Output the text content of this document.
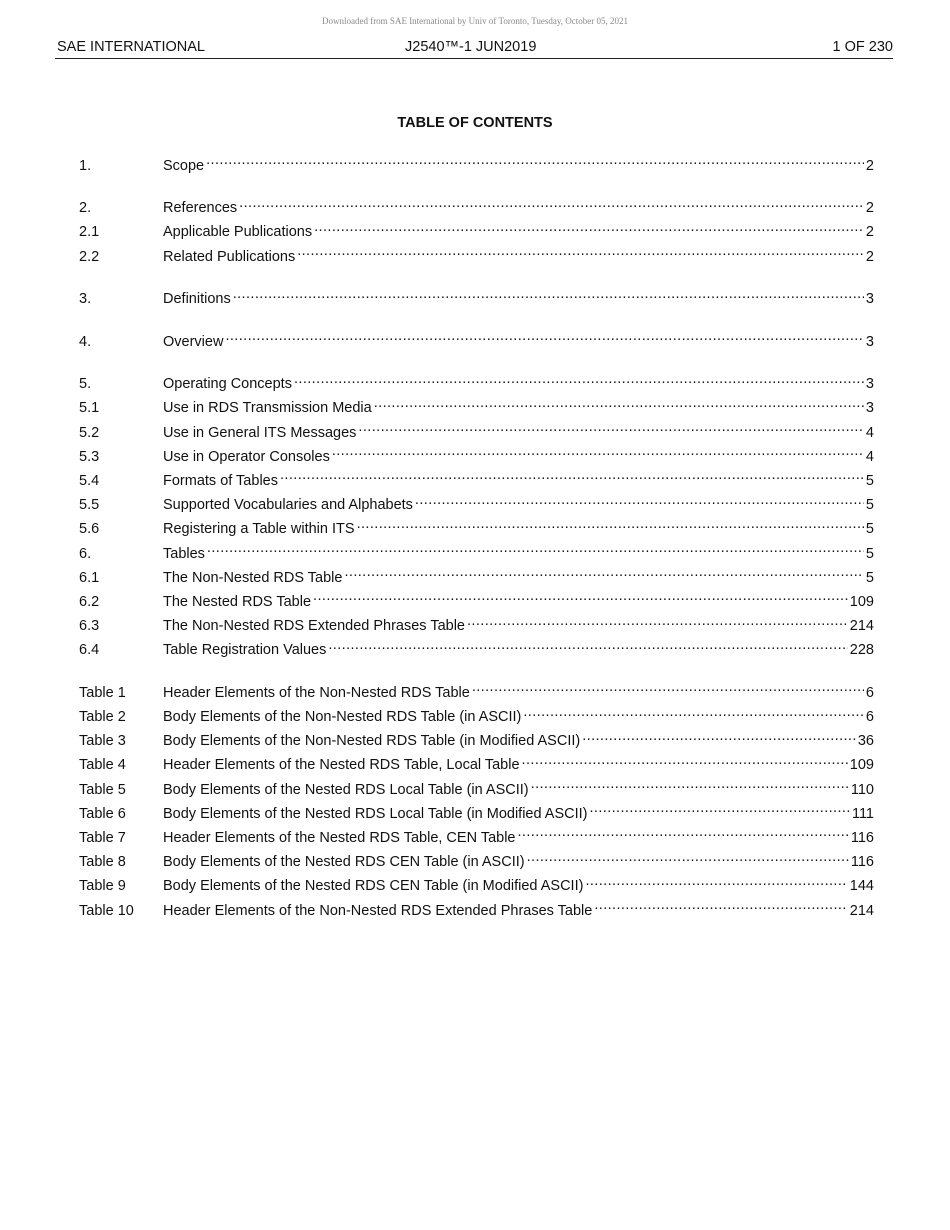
Downloaded from SAE International by Univ of Toronto, Tuesday, October 05, 2021
SAE INTERNATIONAL	J2540™-1 JUN2019	1 OF 230
TABLE OF CONTENTS
1.	Scope .....	2
2.	References .....	2
2.1	Applicable Publications .....	2
2.2	Related Publications .....	2
3.	Definitions .....	3
4.	Overview .....	3
5.	Operating Concepts .....	3
5.1	Use in RDS Transmission Media .....	3
5.2	Use in General ITS Messages .....	4
5.3	Use in Operator Consoles .....	4
5.4	Formats of Tables .....	5
5.5	Supported Vocabularies and Alphabets .....	5
5.6	Registering a Table within ITS .....	5
6.	Tables .....	5
6.1	The Non-Nested RDS Table .....	5
6.2	The Nested RDS Table .....	109
6.3	The Non-Nested RDS Extended Phrases Table .....	214
6.4	Table Registration Values .....	228
Table 1	Header Elements of the Non-Nested RDS Table .....	6
Table 2	Body Elements of the Non-Nested RDS Table (in ASCII) .....	6
Table 3	Body Elements of the Non-Nested RDS Table (in Modified ASCII) .....	36
Table 4	Header Elements of the Nested RDS Table, Local Table .....	109
Table 5	Body Elements of the Nested RDS Local Table (in ASCII) .....	110
Table 6	Body Elements of the Nested RDS Local Table (in Modified ASCII) .....	111
Table 7	Header Elements of the Nested RDS Table, CEN Table .....	116
Table 8	Body Elements of the Nested RDS CEN Table (in ASCII) .....	116
Table 9	Body Elements of the Nested RDS CEN Table (in Modified ASCII) .....	144
Table 10	Header Elements of the Non-Nested RDS Extended Phrases Table .....	214
